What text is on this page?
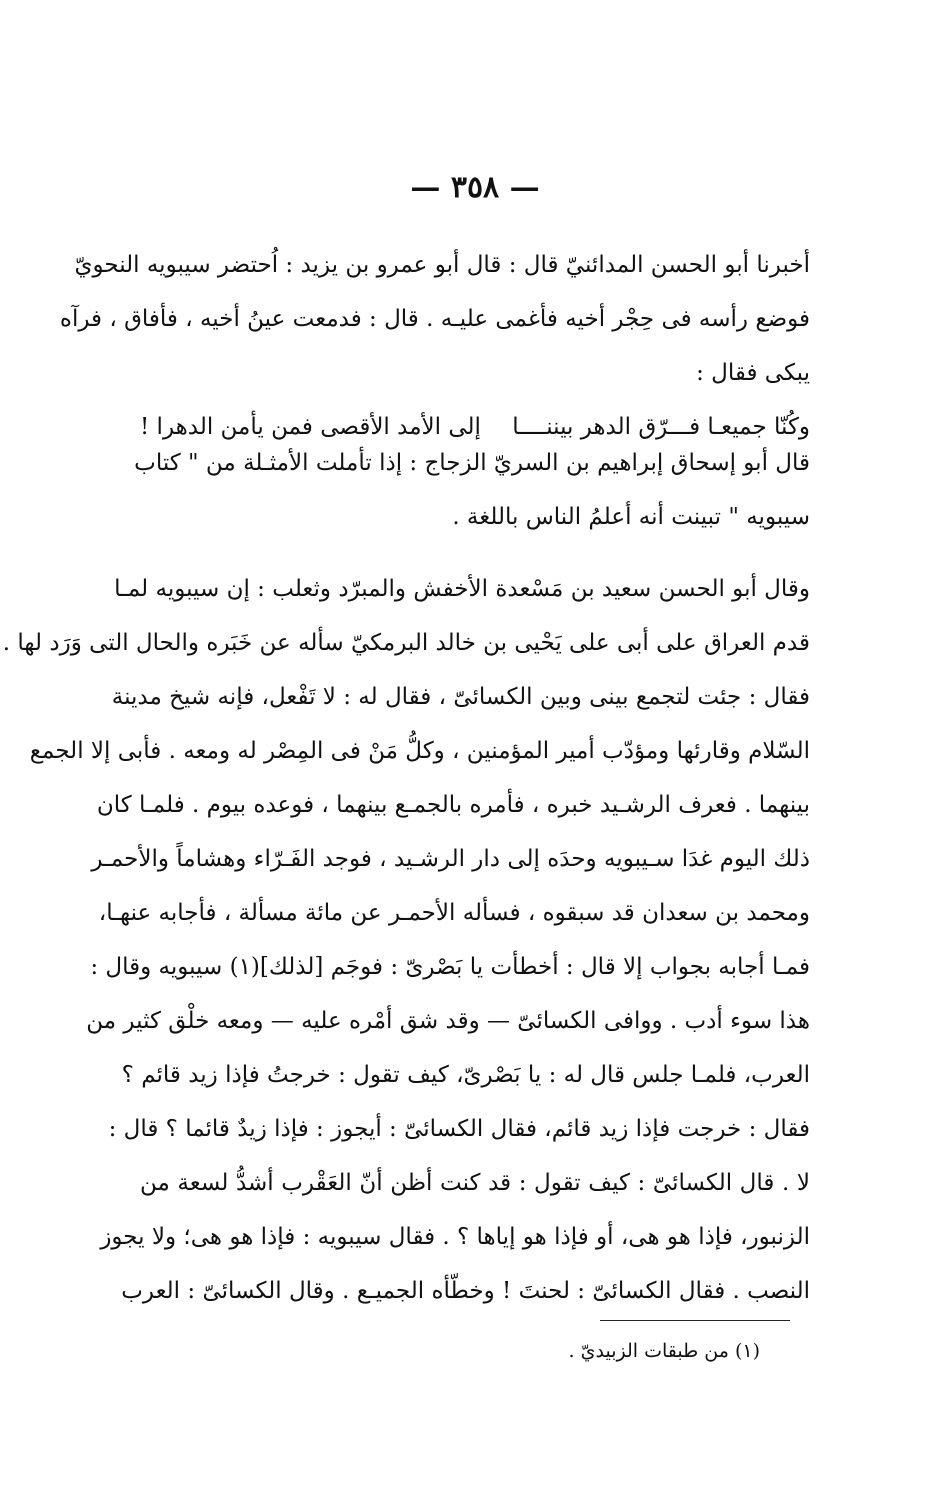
— ٣٥٨ —
أخبرنا أبو الحسن المدائنيّ قال : قال أبو عمرو بن يزيد : اُحتضر سيبويه النحويّ
فوضع رأسه فى حِجْر أخيه فأغمى عليـه . قال : فدمعت عينُ أخيه ، فأفاق ، فرآه
يبكى فقال :
وكُنّا جميعـا فـــرّق الدهر بيننــــا
إلى الأمد الأقصى فمن يأمن الدهرا !
قال أبو إسحاق إبراهيم بن السريّ الزجاج : إذا تأملت الأمثـلة من " كتاب
سيبويه " تبينت أنه أعلمُ الناس باللغة .
وقال أبو الحسن سعيد بن مَسْعدة الأخفش والمبرّد وثعلب : إن سيبويه لمـا
قدم العراق على أبى على يَحْيى بن خالد البرمكيّ سأله عن خَبَره والحال التى وَرَد لها .
فقال : جئت لتجمع بينى وبين الكسائىّ ، فقال له : لا تَفْعل، فإنه شيخ مدينة
السّلام وقارئها ومؤدّب أمير المؤمنين ، وكلُّ مَنْ فى المِصْر له ومعه . فأبى إلا الجمع
بينهما . فعرف الرشـيد خبره ، فأمره بالجمـع بينهما ، فوعده بيوم . فلمـا كان
ذلك اليوم غدَا سـيبويه وحدَه إلى دار الرشـيد ، فوجد الفَـرّاء وهشاماً والأحمـر
ومحمد بن سعدان قد سبقوه ، فسأله الأحمـر عن مائة مسألة ، فأجابه عنهـا،
فمـا أجابه بجواب إلا قال : أخطأت يا بَصْرىّ : فوجَم [لذلك](١) سيبويه وقال :
هذا سوء أدب . ووافى الكسائىّ — وقد شق أمْره عليه — ومعه خلْق كثير من
العرب، فلمـا جلس قال له : يا بَصْرىّ، كيف تقول : خرجتُ فإذا زيد قائم ؟
فقال : خرجت فإذا زيد قائم، فقال الكسائىّ : أيجوز : فإذا زيدٌ قائما ؟ قال :
لا . قال الكسائىّ : كيف تقول : قد كنت أظن أنّ العَقْرب أشدُّ لسعة من
الزنبور، فإذا هو هى، أو فإذا هو إياها ؟ . فقال سيبويه : فإذا هو هى؛ ولا يجوز
النصب . فقال الكسائىّ : لحنتَ ! وخطّأه الجميـع . وقال الكسائىّ : العرب
(١) من طبقات الزبيديّ .
